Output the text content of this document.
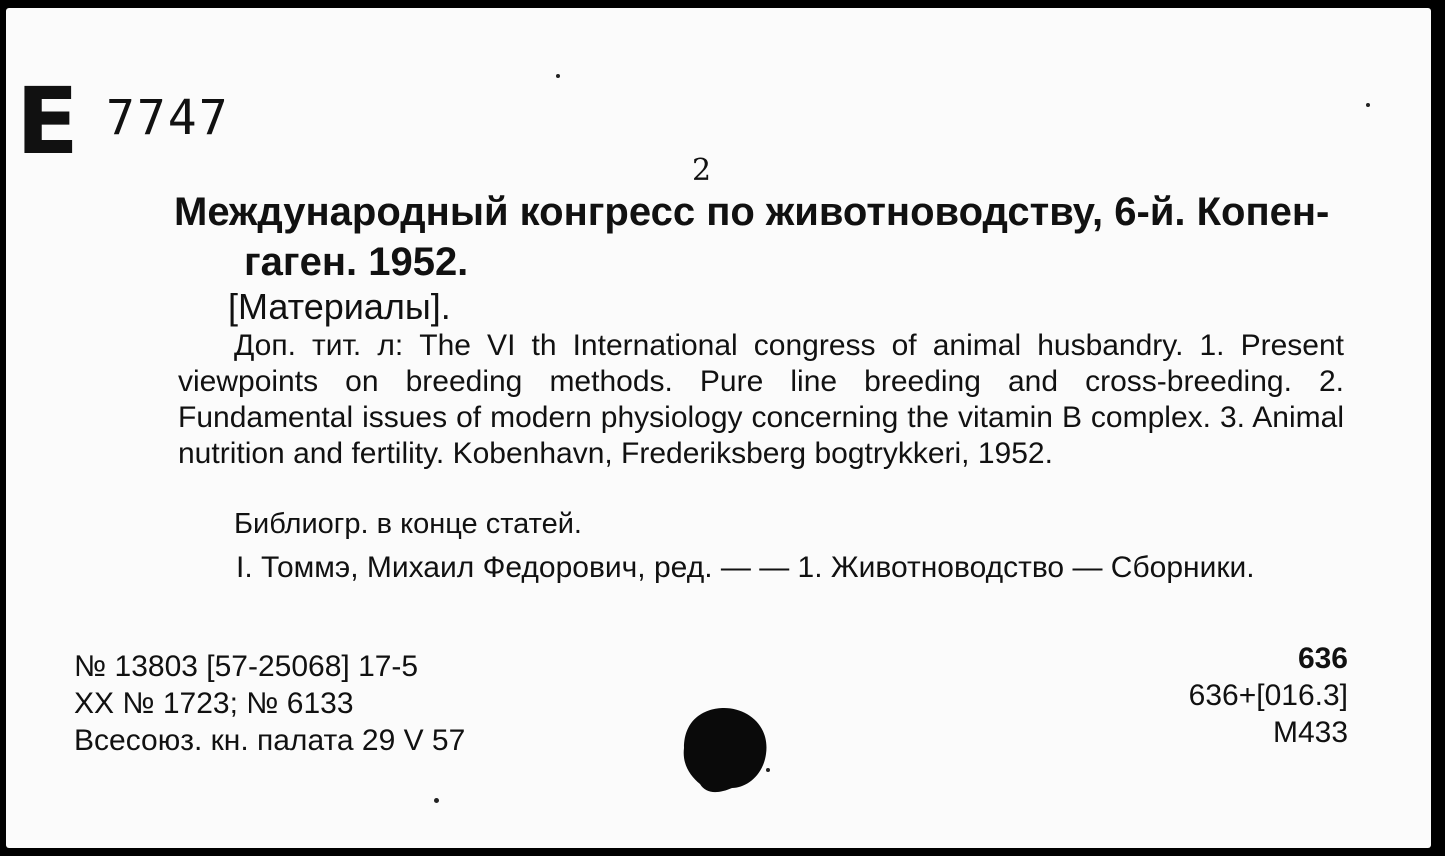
E 7747
2
Международный конгресс по животноводству, 6-й. Копен-
гаген. 1952.
[Материалы].
Доп. тит. л: The VI th International congress of animal husbandry. 1. Present viewpoints on breeding methods. Pure line breeding and cross-breeding. 2. Fundamental issues of modern physiology concerning the vitamin B complex. 3. Animal nutrition and fertility. Kobenhavn, Frederiksberg bogtrykkeri, 1952.
Библиогр. в конце статей.
I. Томмэ, Михаил Федорович, ред. — — 1. Животноводство — Сборники.
№ 13803 [57-25068] 17-5
XX № 1723; № 6133
Всесоюз. кн. палата 29 V 57
636
636+[016.3]
M433
